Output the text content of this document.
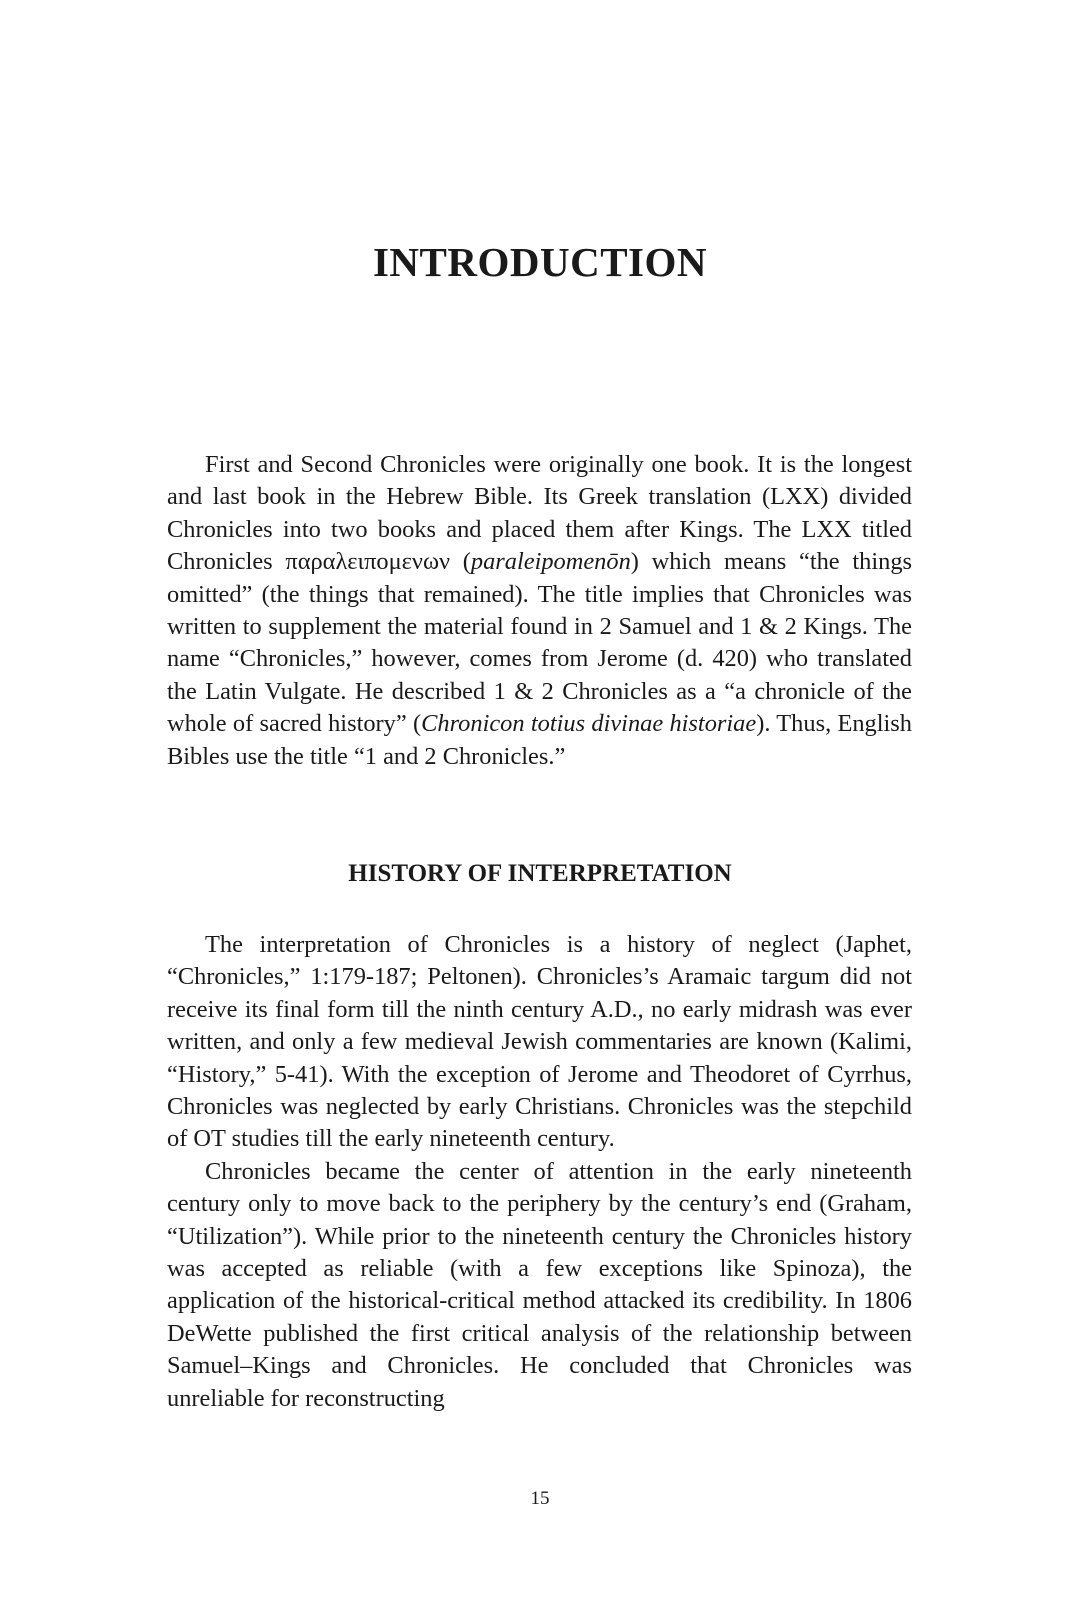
INTRODUCTION

First and Second Chronicles were originally one book. It is the longest and last book in the Hebrew Bible. Its Greek translation (LXX) divided Chronicles into two books and placed them after Kings. The LXX titled Chronicles παραλειπομενων (paraleipomenōn) which means “the things omitted” (the things that remained). The title implies that Chronicles was written to supplement the material found in 2 Samuel and 1 & 2 Kings. The name “Chronicles,” however, comes from Jerome (d. 420) who translated the Latin Vulgate. He described 1 & 2 Chronicles as a “a chronicle of the whole of sacred history” (Chronicon totius divinae historiae). Thus, English Bibles use the title “1 and 2 Chronicles.”

HISTORY OF INTERPRETATION

The interpretation of Chronicles is a history of neglect (Japhet, “Chronicles,” 1:179-187; Peltonen). Chronicles’s Aramaic targum did not receive its final form till the ninth century A.D., no early midrash was ever written, and only a few medieval Jewish commentaries are known (Kalimi, “History,” 5-41). With the exception of Jerome and Theodoret of Cyrrhus, Chronicles was neglected by early Christians. Chronicles was the stepchild of OT studies till the early nineteenth century.

Chronicles became the center of attention in the early nineteenth century only to move back to the periphery by the century’s end (Graham, “Utilization”). While prior to the nineteenth century the Chronicles history was accepted as reliable (with a few exceptions like Spinoza), the application of the historical-critical method attacked its credibility. In 1806 DeWette published the first critical analysis of the relationship between Samuel–Kings and Chronicles. He concluded that Chronicles was unreliable for reconstructing

15
